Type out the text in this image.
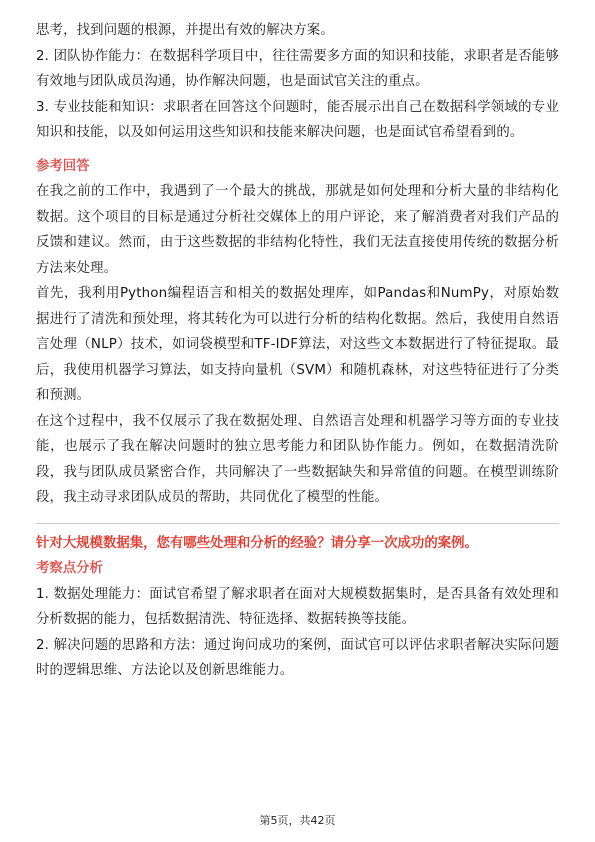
思考，找到问题的根源，并提出有效的解决方案。

2. 团队协作能力：在数据科学项目中，往往需要多方面的知识和技能，求职者是否能够有效地与团队成员沟通，协作解决问题，也是面试官关注的重点。

3. 专业技能和知识：求职者在回答这个问题时，能否展示出自己在数据科学领域的专业知识和技能，以及如何运用这些知识和技能来解决问题，也是面试官希望看到的。

参考回答

在我之前的工作中，我遇到了一个最大的挑战，那就是如何处理和分析大量的非结构化数据。这个项目的目标是通过分析社交媒体上的用户评论，来了解消费者对我们产品的反馈和建议。然而，由于这些数据的非结构化特性，我们无法直接使用传统的数据分析方法来处理。

首先，我利用Python编程语言和相关的数据处理库，如Pandas和NumPy，对原始数据进行了清洗和预处理，将其转化为可以进行分析的结构化数据。然后，我使用自然语言处理（NLP）技术，如词袋模型和TF-IDF算法，对这些文本数据进行了特征提取。最后，我使用机器学习算法，如支持向量机（SVM）和随机森林，对这些特征进行了分类和预测。

在这个过程中，我不仅展示了我在数据处理、自然语言处理和机器学习等方面的专业技能，也展示了我在解决问题时的独立思考能力和团队协作能力。例如，在数据清洗阶段，我与团队成员紧密合作，共同解决了一些数据缺失和异常值的问题。在模型训练阶段，我主动寻求团队成员的帮助，共同优化了模型的性能。

针对大规模数据集，您有哪些处理和分析的经验？请分享一次成功的案例。

考察点分析

1. 数据处理能力：面试官希望了解求职者在面对大规模数据集时，是否具备有效处理和分析数据的能力，包括数据清洗、特征选择、数据转换等技能。

2. 解决问题的思路和方法：通过询问成功的案例，面试官可以评估求职者解决实际问题时的逻辑思维、方法论以及创新思维能力。

第5页，共42页
